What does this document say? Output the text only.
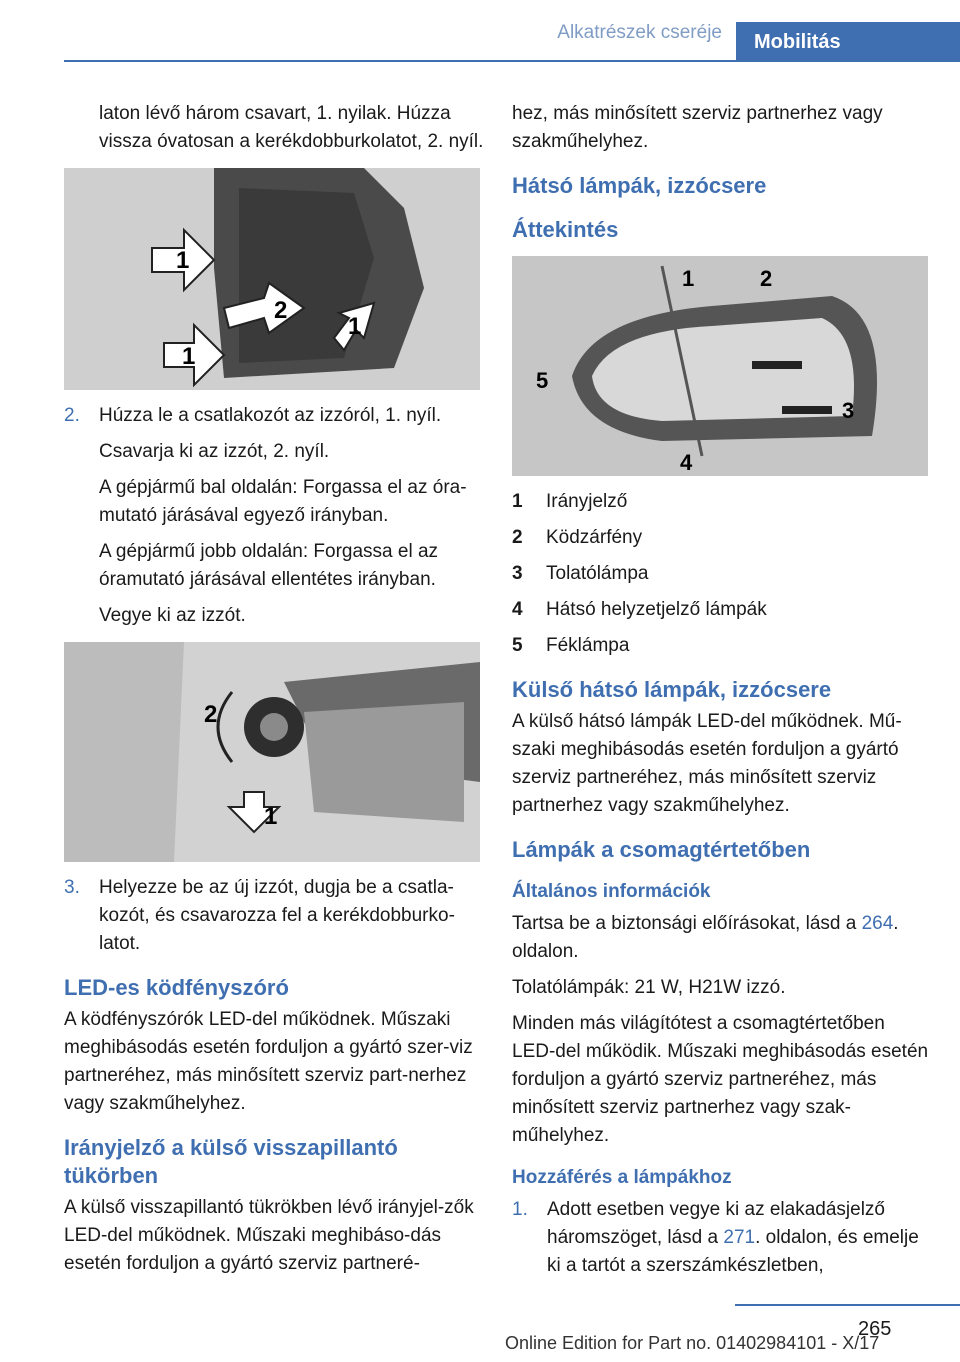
Alkatrészek cseréje	Mobilitás

laton lévő három csavart, 1. nyilak. Húzza vissza óvatosan a kerékdobburkolatot, 2. nyíl.

1
2
1
1

2. Húzza le a csatlakozót az izzóról, 1. nyíl.

Csavarja ki az izzót, 2. nyíl.

A gépjármű bal oldalán: Forgassa el az óra-mutató járásával egyező irányban.

A gépjármű jobb oldalán: Forgassa el az óramutató járásával ellentétes irányban.

Vegye ki az izzót.

2
1

3. Helyezze be az új izzót, dugja be a csatla-kozót, és csavarozza fel a kerékdobburko-latot.

LED-es ködfényszóró

A ködfényszórók LED-del működnek. Műszaki meghibásodás esetén forduljon a gyártó szer-viz partneréhez, más minősített szerviz part-nerhez vagy szakműhelyhez.

Irányjelző a külső visszapillantó tükörben

A külső visszapillantó tükrökben lévő irányjel-zők LED-del működnek. Műszaki meghibáso-dás esetén forduljon a gyártó szerviz partneré-

hez, más minősített szerviz partnerhez vagy szakműhelyhez.

Hátsó lámpák, izzócsere
Áttekintés
1	2
3
4
5

1	Irányjelző

2	Ködzárfény

3	Tolatólámpa

4	Hátsó helyzetjelző lámpák

5	Féklámpa

Külső hátsó lámpák, izzócsere

A külső hátsó lámpák LED-del működnek. Mű-szaki meghibásodás esetén forduljon a gyártó szerviz partneréhez, más minősített szerviz partnerhez vagy szakműhelyhez.

Lámpák a csomagtértetőben
Általános információk

Tartsa be a biztonsági előírásokat, lásd a 264. oldalon.

Tolatólámpák: 21 W, H21W izzó.

Minden más világítótest a csomagtértetőben LED-del működik. Műszaki meghibásodás esetén forduljon a gyártó szerviz partneréhez, más minősített szerviz partnerhez vagy szak-műhelyhez.

Hozzáférés a lámpákhoz

1. Adott esetben vegye ki az elakadásjelző háromszöget, lásd a 271. oldalon, és emelje ki a tartót a szerszámkészletben,

265
Online Edition for Part no. 01402984101 - X/17
